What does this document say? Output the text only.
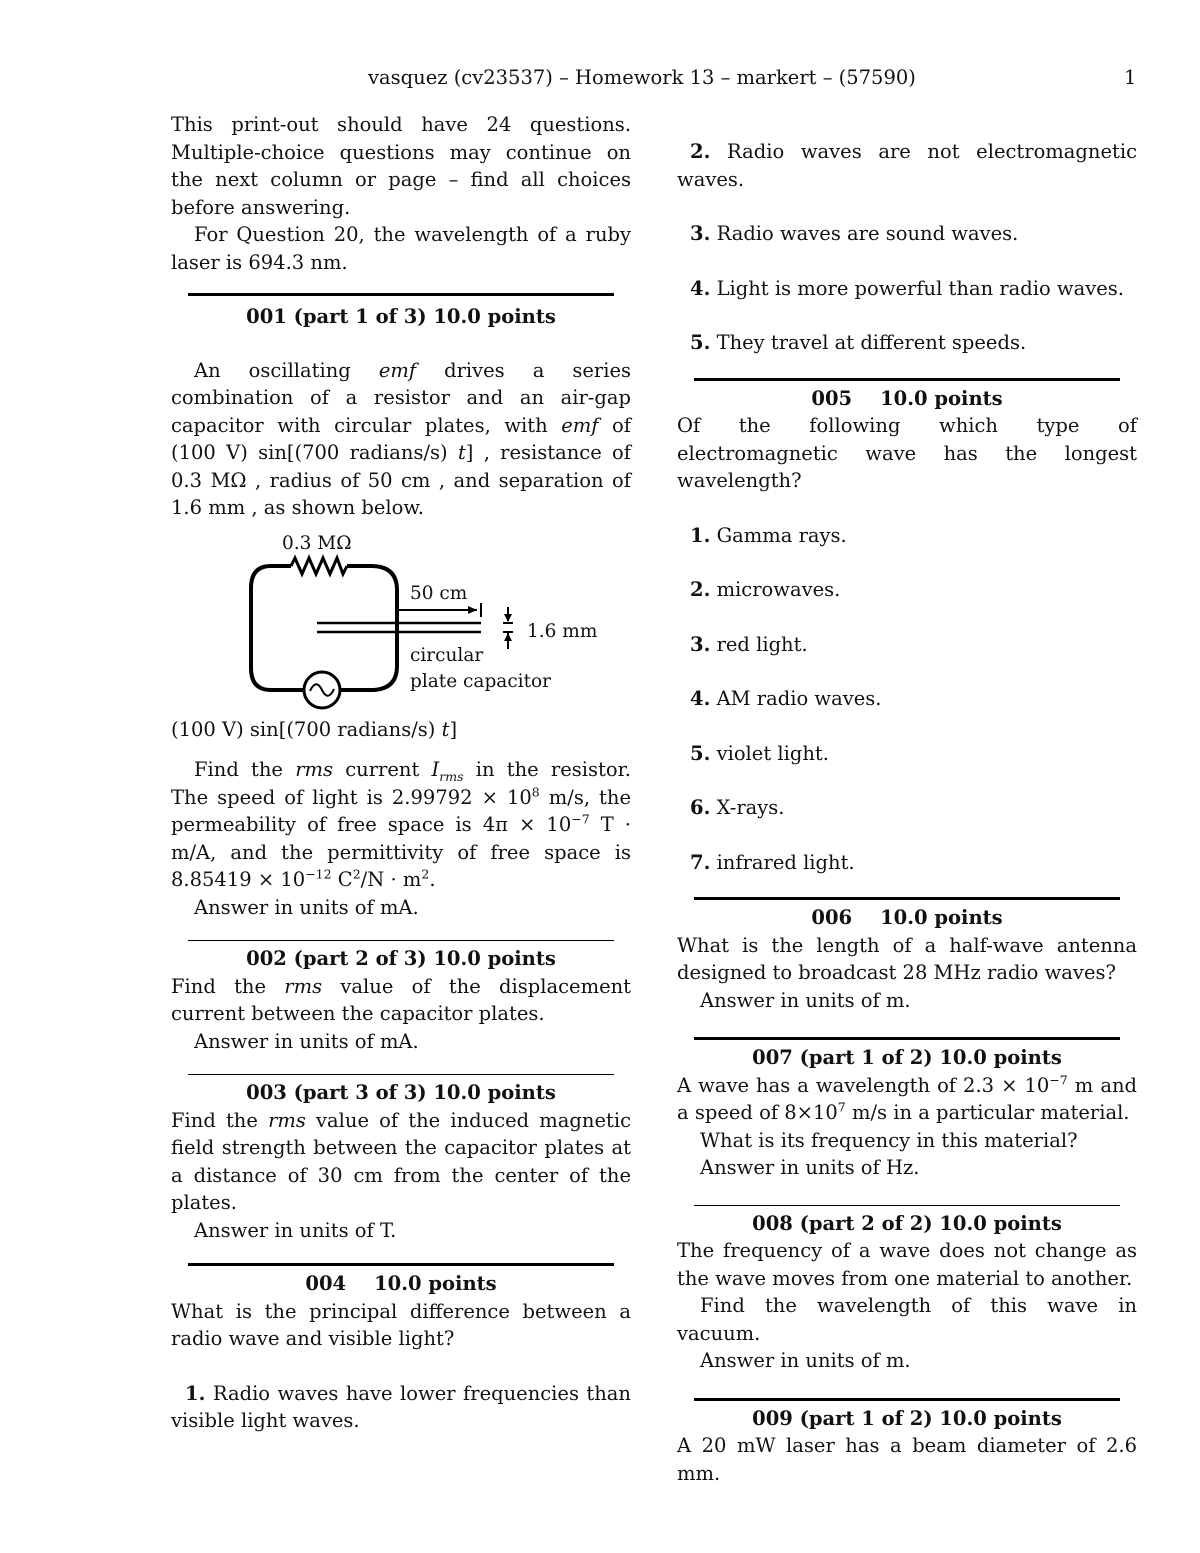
vasquez (cv23537) – Homework 13 – markert – (57590)	1

This print-out should have 24 questions. Multiple-choice questions may continue on the next column or page – find all choices before answering.

For Question 20, the wavelength of a ruby laser is 694.3 nm.

001 (part 1 of 3) 10.0 points

An oscillating emf drives a series combination of a resistor and an air-gap capacitor with circular plates, with emf of (100 V) sin[(700 radians/s) t] , resistance of 0.3 MΩ , radius of 50 cm , and separation of 1.6 mm , as shown below.

0.3 MΩ
50 cm
1.6 mm
circular
plate capacitor

(100 V) sin[(700 radians/s) t]

Find the rms current $I_{rms}$ in the resistor. The speed of light is $2.99792 \times 10^8$ m/s, the permeability of free space is $4\pi \times 10^{-7}$ T · m/A, and the permittivity of free space is $8.85419 \times 10^{-12}$ $C^2/N \cdot m^2$.

Answer in units of mA.

002 (part 2 of 3) 10.0 points

Find the rms value of the displacement current between the capacitor plates.

Answer in units of mA.

003 (part 3 of 3) 10.0 points

Find the rms value of the induced magnetic field strength between the capacitor plates at a distance of 30 cm from the center of the plates.

Answer in units of T.

004 10.0 points

What is the principal difference between a radio wave and visible light?

1. Radio waves have lower frequencies than visible light waves.

2. Radio waves are not electromagnetic waves.

3. Radio waves are sound waves.

4. Light is more powerful than radio waves.

5. They travel at different speeds.

005 10.0 points

Of the following which type of electromagnetic wave has the longest wavelength?

1. Gamma rays.

2. microwaves.

3. red light.

4. AM radio waves.

5. violet light.

6. X-rays.

7. infrared light.

006 10.0 points

What is the length of a half-wave antenna designed to broadcast 28 MHz radio waves?

Answer in units of m.

007 (part 1 of 2) 10.0 points

A wave has a wavelength of $2.3 \times 10^{-7}$ m and a speed of $8\times 10^7$ m/s in a particular material.

What is its frequency in this material?

Answer in units of Hz.

008 (part 2 of 2) 10.0 points

The frequency of a wave does not change as the wave moves from one material to another.

Find the wavelength of this wave in vacuum.

Answer in units of m.

009 (part 1 of 2) 10.0 points

A 20 mW laser has a beam diameter of 2.6 mm.
